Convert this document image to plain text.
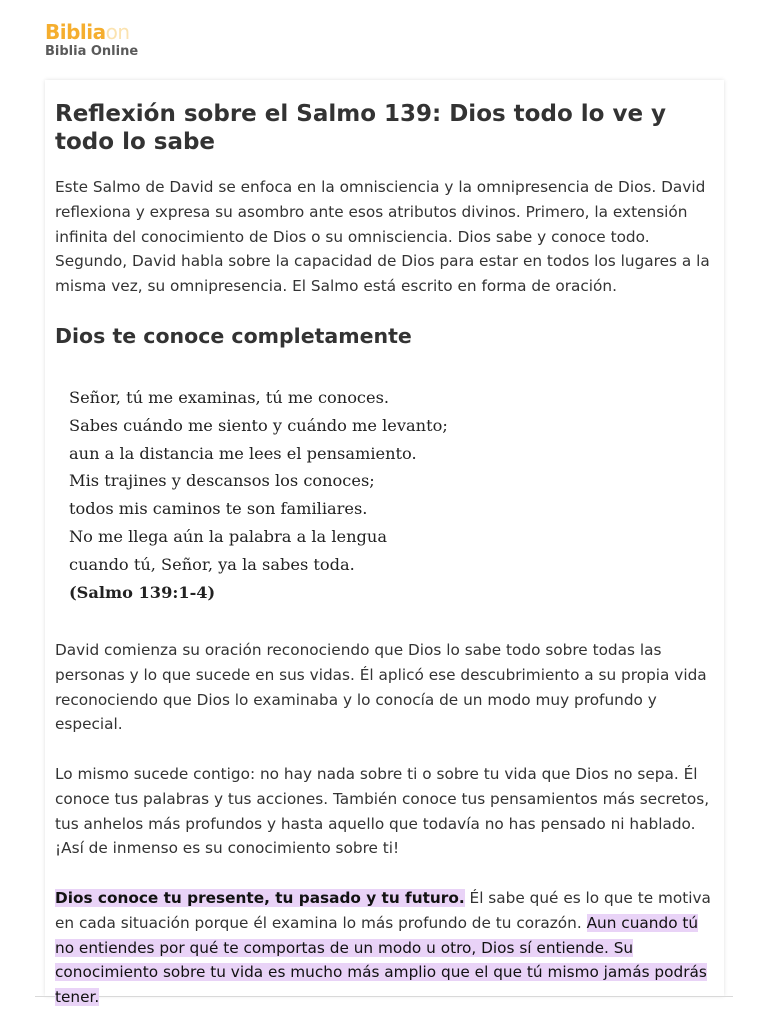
Bibliaon
Biblia Online
Reflexión sobre el Salmo 139: Dios todo lo ve y todo lo sabe

Este Salmo de David se enfoca en la omnisciencia y la omnipresencia de Dios. David reflexiona y expresa su asombro ante esos atributos divinos. Primero, la extensión infinita del conocimiento de Dios o su omnisciencia. Dios sabe y conoce todo. Segundo, David habla sobre la capacidad de Dios para estar en todos los lugares a la misma vez, su omnipresencia. El Salmo está escrito en forma de oración.

Dios te conoce completamente
Señor, tú me examinas, tú me conoces.
Sabes cuándo me siento y cuándo me levanto;
aun a la distancia me lees el pensamiento.
Mis trajines y descansos los conoces;
todos mis caminos te son familiares.
No me llega aún la palabra a la lengua
cuando tú, Señor, ya la sabes toda.
(Salmo 139:1-4)

David comienza su oración reconociendo que Dios lo sabe todo sobre todas las personas y lo que sucede en sus vidas. Él aplicó ese descubrimiento a su propia vida reconociendo que Dios lo examinaba y lo conocía de un modo muy profundo y especial.

Lo mismo sucede contigo: no hay nada sobre ti o sobre tu vida que Dios no sepa. Él conoce tus palabras y tus acciones. También conoce tus pensamientos más secretos, tus anhelos más profundos y hasta aquello que todavía no has pensado ni hablado. ¡Así de inmenso es su conocimiento sobre ti!

Dios conoce tu presente, tu pasado y tu futuro. Él sabe qué es lo que te motiva en cada situación porque él examina lo más profundo de tu corazón. Aun cuando tú no entiendes por qué te comportas de un modo u otro, Dios sí entiende. Su conocimiento sobre tu vida es mucho más amplio que el que tú mismo jamás podrás tener.
